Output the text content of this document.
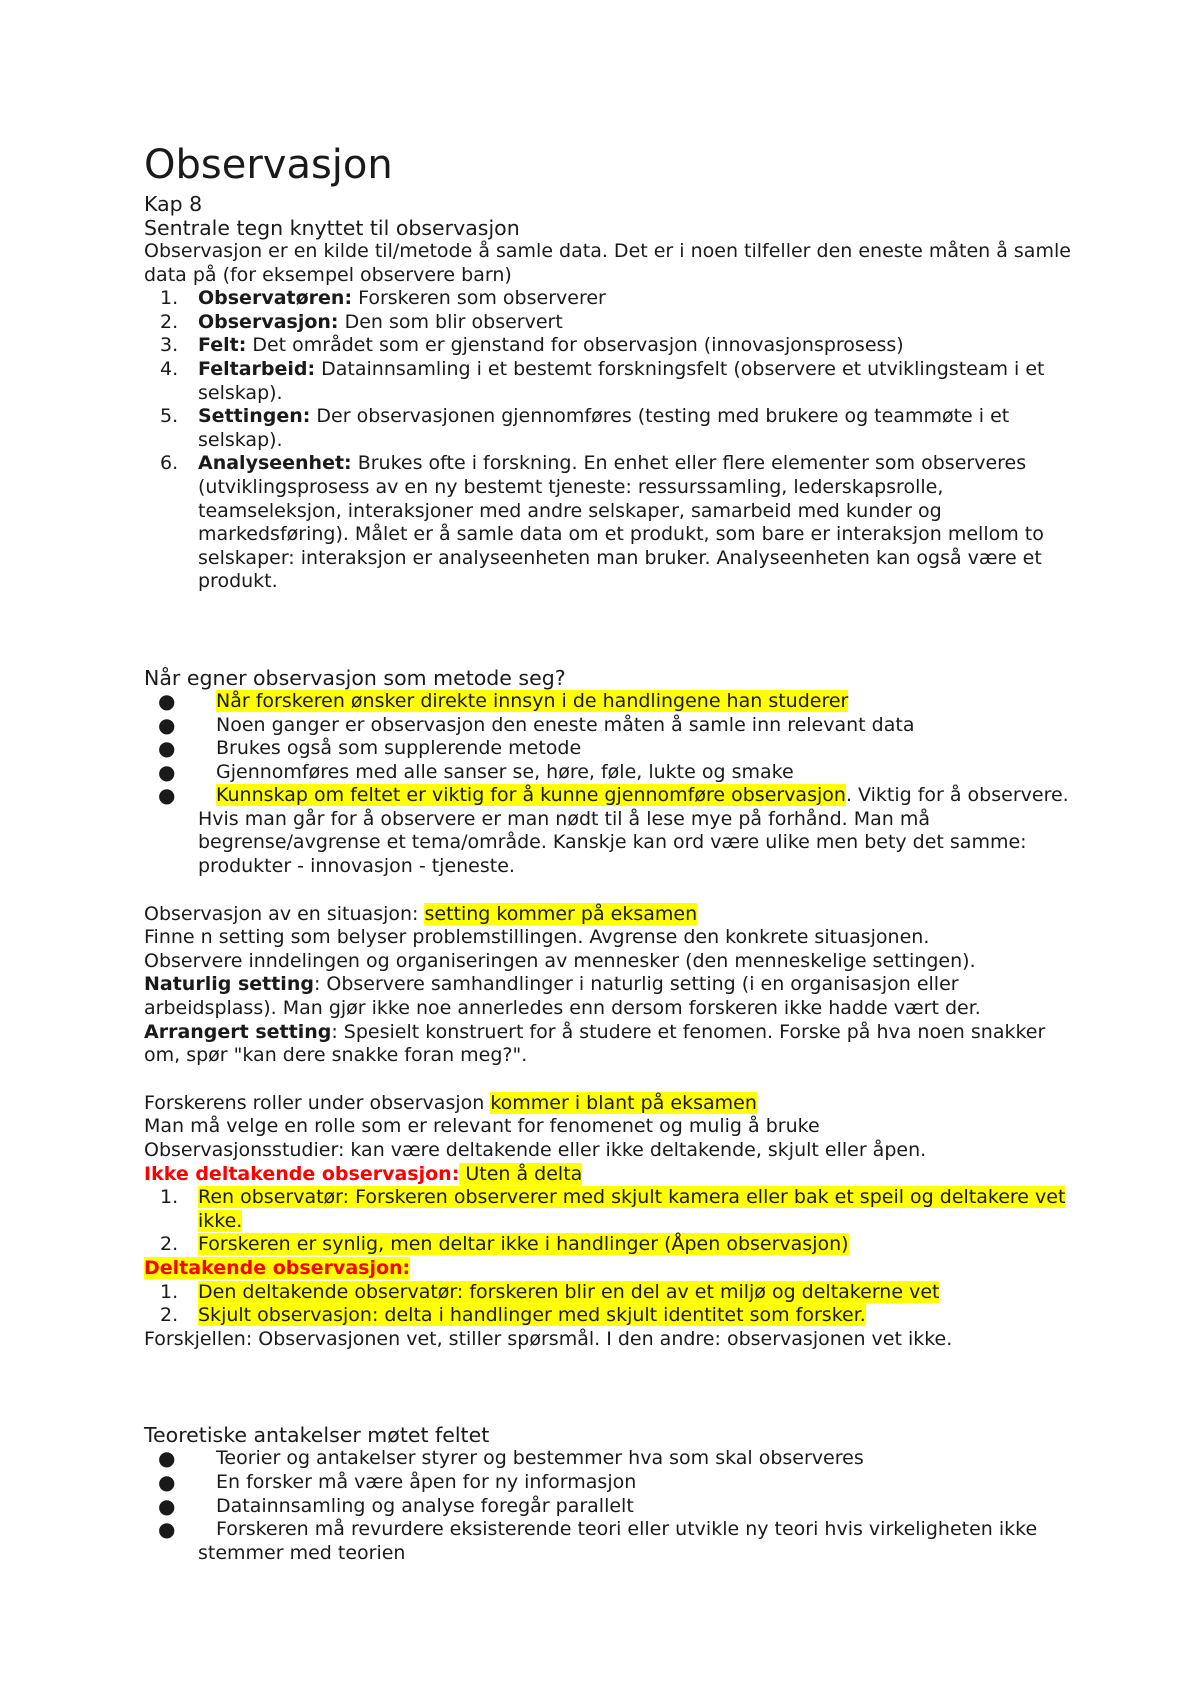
Observasjon

Kap 8

Sentrale tegn knyttet til observasjon

Observasjon er en kilde til/metode å samle data. Det er i noen tilfeller den eneste måten å samle data på (for eksempel observere barn)

1. Observatøren: Forskeren som observerer
2. Observasjon: Den som blir observert
3. Felt: Det området som er gjenstand for observasjon (innovasjonsprosess)
4. Feltarbeid: Datainnsamling i et bestemt forskningsfelt (observere et utviklingsteam i et selskap).
5. Settingen: Der observasjonen gjennomføres (testing med brukere og teammøte i et selskap).
6. Analyseenhet: Brukes ofte i forskning. En enhet eller flere elementer som observeres (utviklingsprosess av en ny bestemt tjeneste: ressurssamling, lederskapsrolle, teamseleksjon, interaksjoner med andre selskaper, samarbeid med kunder og markedsføring). Målet er å samle data om et produkt, som bare er interaksjon mellom to selskaper: interaksjon er analyseenheten man bruker. Analyseenheten kan også være et produkt.

Når egner observasjon som metode seg?

● Når forskeren ønsker direkte innsyn i de handlingene han studerer
● Noen ganger er observasjon den eneste måten å samle inn relevant data
● Brukes også som supplerende metode
● Gjennomføres med alle sanser se, høre, føle, lukte og smake
● Kunnskap om feltet er viktig for å kunne gjennomføre observasjon. Viktig for å observere. Hvis man går for å observere er man nødt til å lese mye på forhånd. Man må begrense/avgrense et tema/område. Kanskje kan ord være ulike men bety det samme: produkter - innovasjon - tjeneste.

Observasjon av en situasjon: setting kommer på eksamen

Finne n setting som belyser problemstillingen. Avgrense den konkrete situasjonen.

Observere inndelingen og organiseringen av mennesker (den menneskelige settingen).

Naturlig setting: Observere samhandlinger i naturlig setting (i en organisasjon eller arbeidsplass). Man gjør ikke noe annerledes enn dersom forskeren ikke hadde vært der.

Arrangert setting: Spesielt konstruert for å studere et fenomen. Forske på hva noen snakker om, spør "kan dere snakke foran meg?".

Forskerens roller under observasjon kommer i blant på eksamen

Man må velge en rolle som er relevant for fenomenet og mulig å bruke

Observasjonsstudier: kan være deltakende eller ikke deltakende, skjult eller åpen.

Ikke deltakende observasjon: Uten å delta

1. Ren observatør: Forskeren observerer med skjult kamera eller bak et speil og deltakere vet ikke.
2. Forskeren er synlig, men deltar ikke i handlinger (Åpen observasjon)

Deltakende observasjon:

1. Den deltakende observatør: forskeren blir en del av et miljø og deltakerne vet
2. Skjult observasjon: delta i handlinger med skjult identitet som forsker.

Forskjellen: Observasjonen vet, stiller spørsmål. I den andre: observasjonen vet ikke.

Teoretiske antakelser møtet feltet

● Teorier og antakelser styrer og bestemmer hva som skal observeres
● En forsker må være åpen for ny informasjon
● Datainnsamling og analyse foregår parallelt
● Forskeren må revurdere eksisterende teori eller utvikle ny teori hvis virkeligheten ikke stemmer med teorien
